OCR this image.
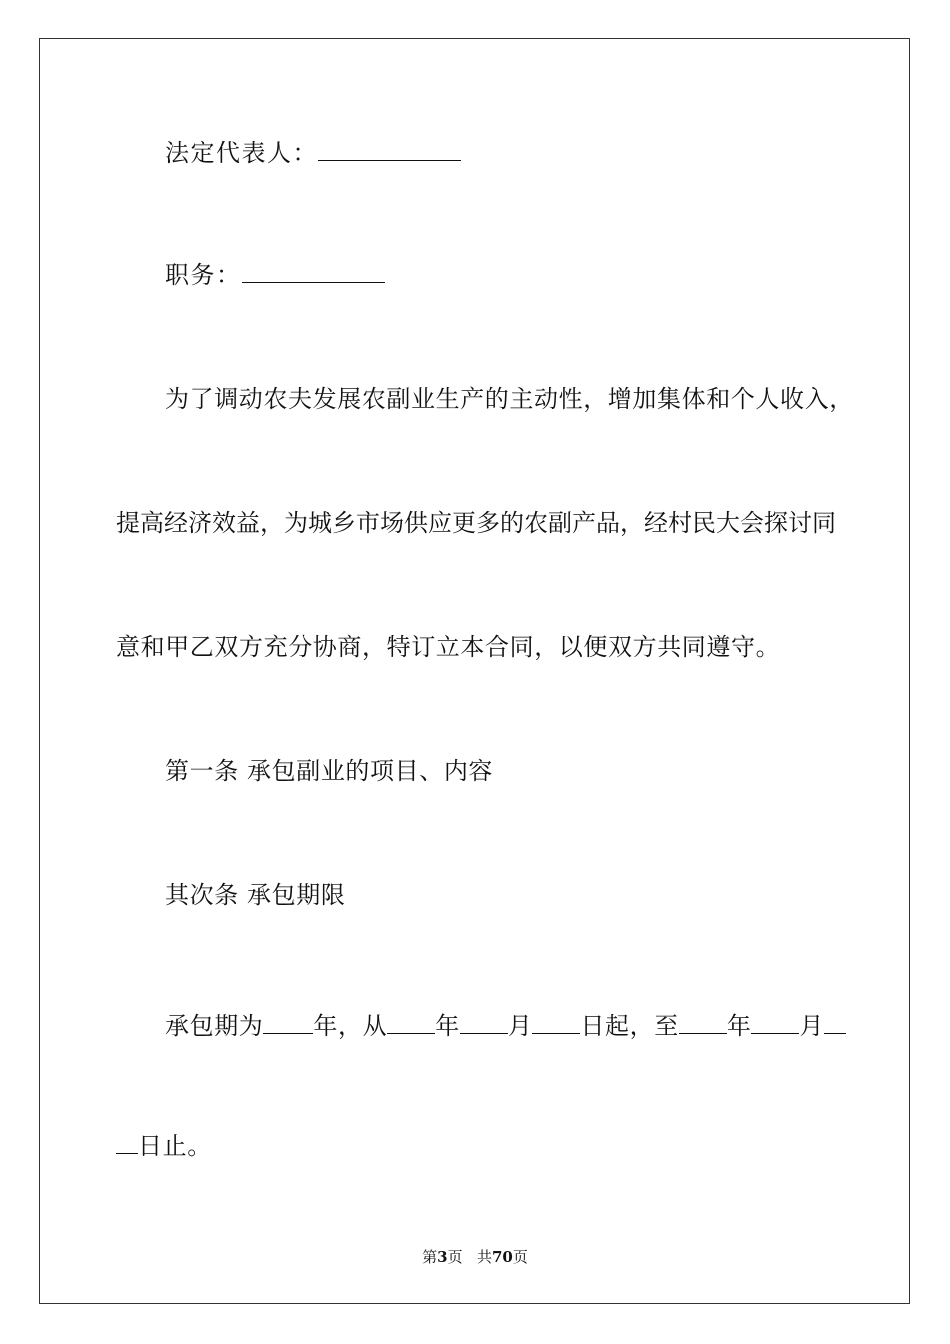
法定代表人：
职务：
为了调动农夫发展农副业生产的主动性，增加集体和个人收入，
提高经济效益，为城乡市场供应更多的农副产品，经村民大会探讨同
意和甲乙双方充分协商，特订立本合同，以便双方共同遵守。
第一条 承包副业的项目、内容
其次条 承包期限
承包期为 年，从 年 月 日起，至 年 月
日止。
第3页 共70页
